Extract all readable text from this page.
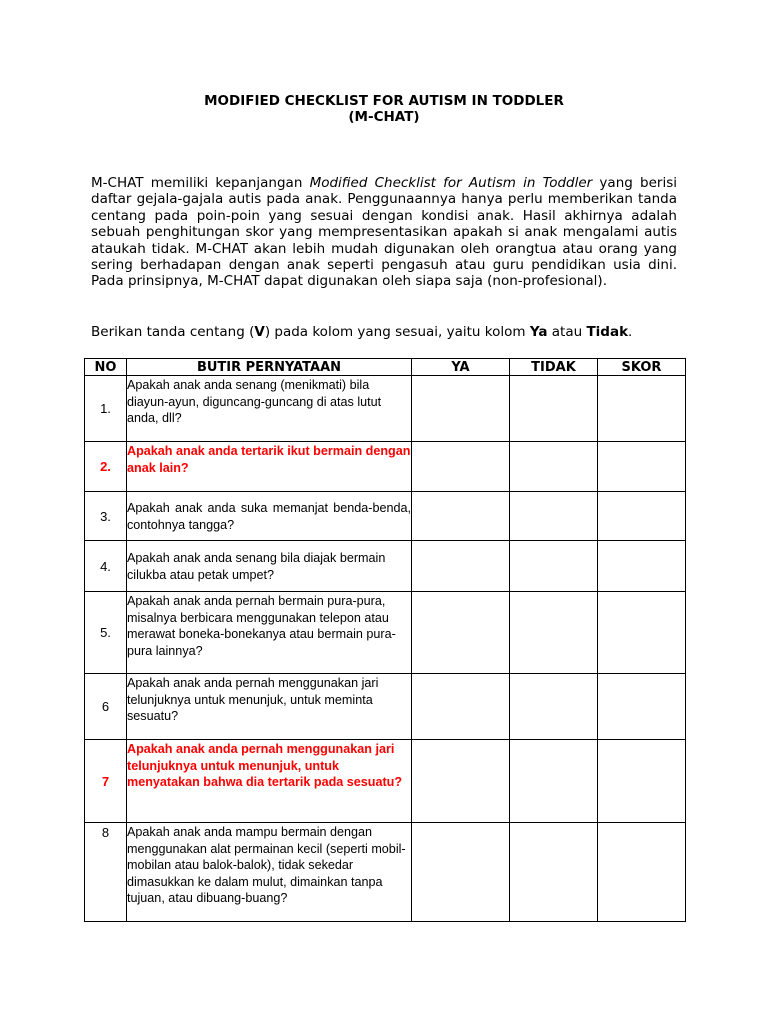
MODIFIED CHECKLIST FOR AUTISM IN TODDLER
(M-CHAT)
M-CHAT memiliki kepanjangan Modified Checklist for Autism in Toddler yang berisi daftar gejala-gajala autis pada anak. Penggunaannya hanya perlu memberikan tanda centang pada poin-poin yang sesuai dengan kondisi anak. Hasil akhirnya adalah sebuah penghitungan skor yang mempresentasikan apakah si anak mengalami autis ataukah tidak. M-CHAT akan lebih mudah digunakan oleh orangtua atau orang yang sering berhadapan dengan anak seperti pengasuh atau guru pendidikan usia dini. Pada prinsipnya, M-CHAT dapat digunakan oleh siapa saja (non-profesional).
Berikan tanda centang (V) pada kolom yang sesuai, yaitu kolom Ya atau Tidak.
NO	BUTIR PERNYATAAN	YA	TIDAK	SKOR
1.	Apakah anak anda senang (menikmati) bila diayun-ayun, diguncang-guncang di atas lutut anda, dll?			

2.	Apakah anak anda tertarik ikut bermain dengan anak lain?			

3.	Apakah anak anda suka memanjat benda-benda, contohnya tangga?			

4.	Apakah anak anda senang bila diajak bermain cilukba atau petak umpet?			

5.	Apakah anak anda pernah bermain pura-pura, misalnya berbicara menggunakan telepon atau merawat boneka-bonekanya atau bermain pura-pura lainnya?			

6	Apakah anak anda pernah menggunakan jari telunjuknya untuk menunjuk, untuk meminta sesuatu?			

7	Apakah anak anda pernah menggunakan jari telunjuknya untuk menunjuk, untuk menyatakan bahwa dia tertarik pada sesuatu?			

8	Apakah anak anda mampu bermain dengan menggunakan alat permainan kecil (seperti mobil- mobilan atau balok-balok), tidak sekedar dimasukkan ke dalam mulut, dimainkan tanpa tujuan, atau dibuang-buang?			
